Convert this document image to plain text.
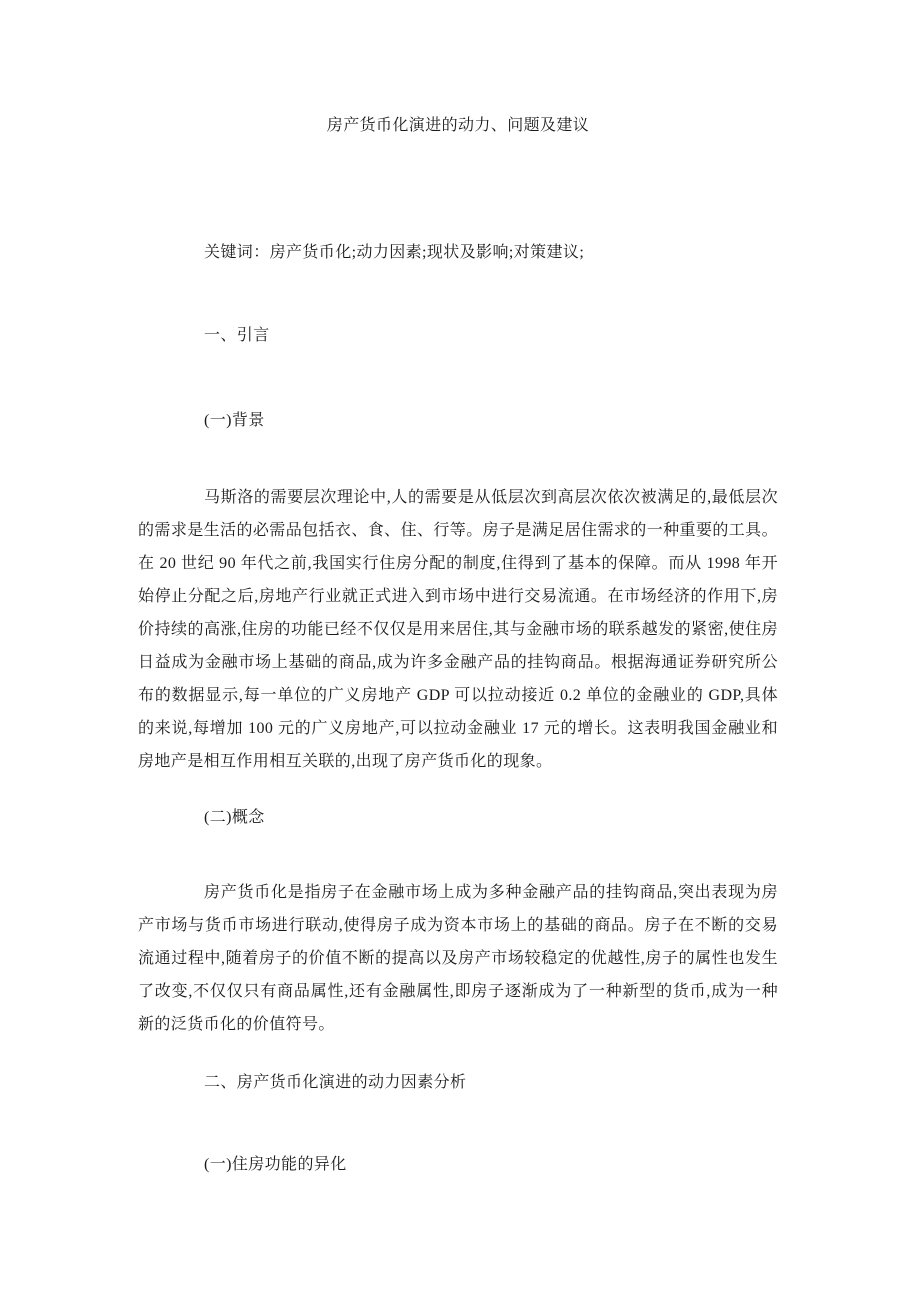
房产货币化演进的动力、问题及建议
关键词：房产货币化;动力因素;现状及影响;对策建议;
一、引言
(一)背景
马斯洛的需要层次理论中,人的需要是从低层次到高层次依次被满足的,最低层次的需求是生活的必需品包括衣、食、住、行等。房子是满足居住需求的一种重要的工具。在 20 世纪 90 年代之前,我国实行住房分配的制度,住得到了基本的保障。而从 1998 年开始停止分配之后,房地产行业就正式进入到市场中进行交易流通。在市场经济的作用下,房价持续的高涨,住房的功能已经不仅仅是用来居住,其与金融市场的联系越发的紧密,使住房日益成为金融市场上基础的商品,成为许多金融产品的挂钩商品。根据海通证券研究所公布的数据显示,每一单位的广义房地产 GDP 可以拉动接近 0.2 单位的金融业的 GDP,具体的来说,每增加 100 元的广义房地产,可以拉动金融业 17 元的增长。这表明我国金融业和房地产是相互作用相互关联的,出现了房产货币化的现象。
(二)概念
房产货币化是指房子在金融市场上成为多种金融产品的挂钩商品,突出表现为房产市场与货币市场进行联动,使得房子成为资本市场上的基础的商品。房子在不断的交易流通过程中,随着房子的价值不断的提高以及房产市场较稳定的优越性,房子的属性也发生了改变,不仅仅只有商品属性,还有金融属性,即房子逐渐成为了一种新型的货币,成为一种新的泛货币化的价值符号。
二、房产货币化演进的动力因素分析
(一)住房功能的异化
